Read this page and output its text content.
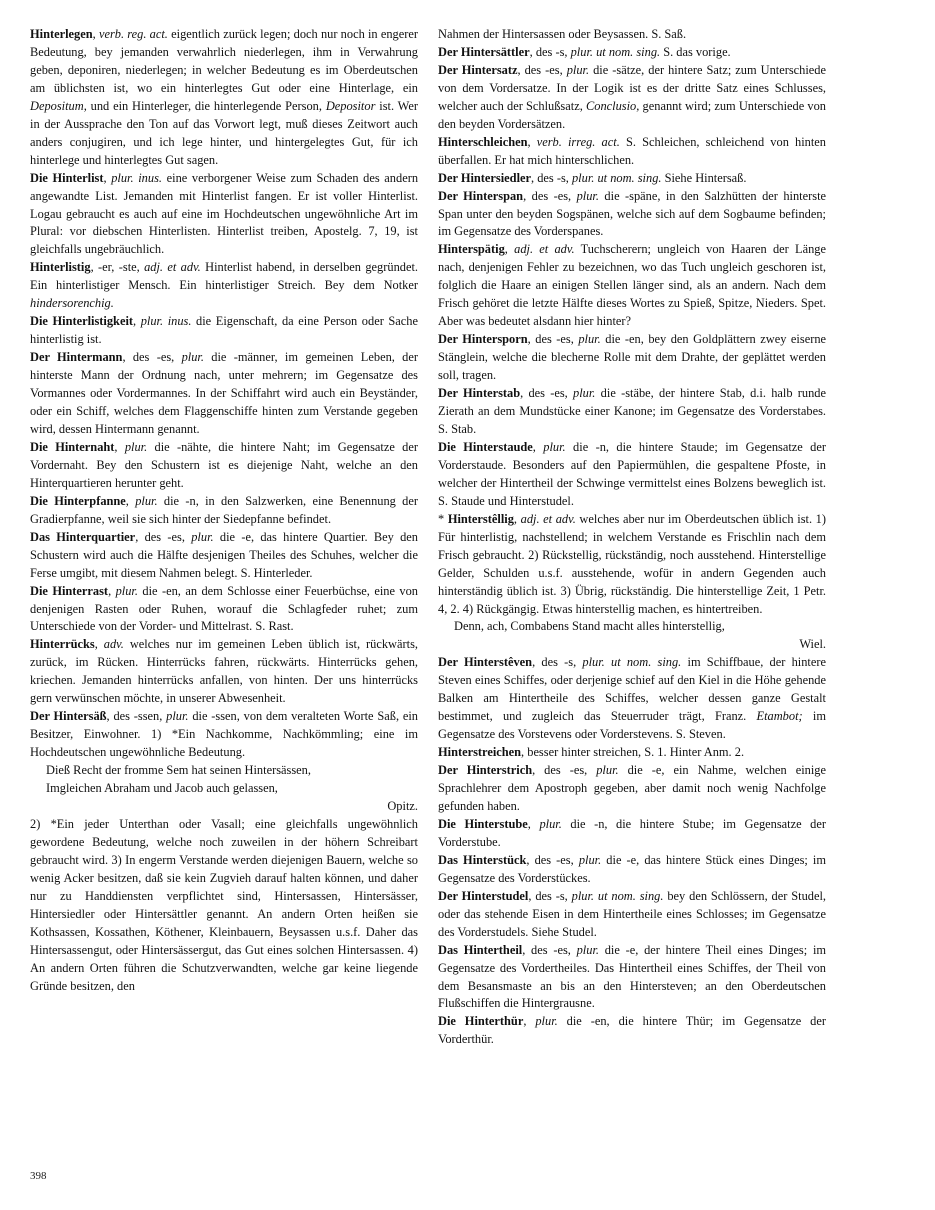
Hinterlegen, verb. reg. act. eigentlich zurück legen; doch nur noch in engerer Bedeutung, bey jemanden verwahrlich niederlegen, ihm in Verwahrung geben, deponiren, niederlegen; in welcher Bedeutung es im Oberdeutschen am üblichsten ist, wo ein hinterlegtes Gut oder eine Hinterlage, ein Depositum, und ein Hinterleger, die hinterlegende Person, Depositor ist. Wer in der Aussprache den Ton auf das Vorwort legt, muß dieses Zeitwort auch anders conjugiren, und ich lege hinter, und hintergelegtes Gut, für ich hinterlege und hinterlegtes Gut sagen.

Die Hinterlist, plur. inus. eine verborgener Weise zum Schaden des andern angewandte List. Jemanden mit Hinterlist fangen. Er ist voller Hinterlist. Logau gebraucht es auch auf eine im Hochdeutschen ungewöhnliche Art im Plural: vor diebschen Hinterlisten. Hinterlist treiben, Apostelg. 7, 19, ist gleichfalls ungebräuchlich.

Hinterlistig, -er, -ste, adj. et adv. Hinterlist habend, in derselben gegründet. Ein hinterlistiger Mensch. Ein hinterlistiger Streich. Bey dem Notker hindersorenchig.

Die Hinterlistigkeit, plur. inus. die Eigenschaft, da eine Person oder Sache hinterlistig ist.

Der Hintermann, des -es, plur. die -männer, im gemeinen Leben, der hinterste Mann der Ordnung nach, unter mehrern; im Gegensatze des Vormannes oder Vordermannes. In der Schiffahrt wird auch ein Beyständer, oder ein Schiff, welches dem Flaggenschiffe hinten zum Verstande gegeben wird, dessen Hintermann genannt.

Die Hinternaht, plur. die -nähte, die hintere Naht; im Gegensatze der Vordernaht. Bey den Schustern ist es diejenige Naht, welche an den Hinterquartieren herunter geht.

Die Hinterpfanne, plur. die -n, in den Salzwerken, eine Benennung der Gradierpfanne, weil sie sich hinter der Siedepfanne befindet.

Das Hinterquartier, des -es, plur. die -e, das hintere Quartier. Bey den Schustern wird auch die Hälfte desjenigen Theiles des Schuhes, welcher die Ferse umgibt, mit diesem Nahmen belegt. S. Hinterleder.

Die Hinterrast, plur. die -en, an dem Schlosse einer Feuerbüchse, eine von denjenigen Rasten oder Ruhen, worauf die Schlagfeder ruhet; zum Unterschiede von der Vorder- und Mittelrast. S. Rast.

Hinterrücks, adv. welches nur im gemeinen Leben üblich ist, rückwärts, zurück, im Rücken. Hinterrücks fahren, rückwärts. Hinterrücks gehen, kriechen. Jemanden hinterrücks anfallen, von hinten. Der uns hinterrücks gern verwünschen möchte, in unserer Abwesenheit.

Der Hintersäß, des -ssen, plur. die -ssen, von dem veralteten Worte Saß, ein Besitzer, Einwohner. 1) *Ein Nachkomme, Nachkömmling; eine im Hochdeutschen ungewöhnliche Bedeutung.

Dieß Recht der fromme Sem hat seinen Hintersässen,

Imgleichen Abraham und Jacob auch gelassen,

Opitz.

2) *Ein jeder Unterthan oder Vasall; eine gleichfalls ungewöhnlich gewordene Bedeutung, welche noch zuweilen in der höhern Schreibart gebraucht wird. 3) In engerm Verstande werden diejenigen Bauern, welche so wenig Acker besitzen, daß sie kein Zugvieh darauf halten können, und daher nur zu Handdiensten verpflichtet sind, Hintersassen, Hintersässer, Hintersiedler oder Hintersättler genannt. An andern Orten heißen sie Kothsassen, Kossathen, Köthener, Kleinbauern, Beysassen u.s.f. Daher das Hintersassengut, oder Hintersässergut, das Gut eines solchen Hintersassen. 4) An andern Orten führen die Schutzverwandten, welche gar keine liegende Gründe besitzen, den

Nahmen der Hintersassen oder Beysassen. S. Saß.

Der Hintersättler, des -s, plur. ut nom. sing. S. das vorige.

Der Hintersatz, des -es, plur. die -sätze, der hintere Satz; zum Unterschiede von dem Vordersatze. In der Logik ist es der dritte Satz eines Schlusses, welcher auch der Schlußsatz, Conclusio, genannt wird; zum Unterschiede von den beyden Vordersätzen.

Hinterschleichen, verb. irreg. act. S. Schleichen, schleichend von hinten überfallen. Er hat mich hinterschlichen.

Der Hintersiedler, des -s, plur. ut nom. sing. Siehe Hintersaß.

Der Hinterspan, des -es, plur. die -späne, in den Salzhütten der hinterste Span unter den beyden Sogspänen, welche sich auf dem Sogbaume befinden; im Gegensatze des Vorderspanes.

Hinterspätig, adj. et adv. Tuchscherern; ungleich von Haaren der Länge nach, denjenigen Fehler zu bezeichnen, wo das Tuch ungleich geschoren ist, folglich die Haare an einigen Stellen länger sind, als an andern. Nach dem Frisch gehöret die letzte Hälfte dieses Wortes zu Spieß, Spitze, Nieders. Spet. Aber was bedeutet alsdann hier hinter?

Der Hintersporn, des -es, plur. die -en, bey den Goldplättern zwey eiserne Stänglein, welche die blecherne Rolle mit dem Drahte, der geplättet werden soll, tragen.

Der Hinterstab, des -es, plur. die -stäbe, der hintere Stab, d.i. halb runde Zierath an dem Mundstücke einer Kanone; im Gegensatze des Vorderstabes. S. Stab.

Die Hinterstaude, plur. die -n, die hintere Staude; im Gegensatze der Vorderstaude. Besonders auf den Papiermühlen, die gespaltene Pfoste, in welcher der Hintertheil der Schwinge vermittelst eines Bolzens beweglich ist. S. Staude und Hinterstudel.

* Hinterstêllig, adj. et adv. welches aber nur im Oberdeutschen üblich ist. 1) Für hinterlistig, nachstellend; in welchem Verstande es Frischlin nach dem Frisch gebraucht. 2) Rückstellig, rückständig, noch ausstehend. Hinterstellige Gelder, Schulden u.s.f. ausstehende, wofür in andern Gegenden auch hinterständig üblich ist. 3) Übrig, rückständig. Die hinterstellige Zeit, 1 Petr. 4, 2. 4) Rückgängig. Etwas hinterstellig machen, es hintertreiben.

Denn, ach, Combabens Stand macht alles hinterstellig,

Wiel.

Der Hinterstêven, des -s, plur. ut nom. sing. im Schiffbaue, der hintere Steven eines Schiffes, oder derjenige schief auf den Kiel in die Höhe gehende Balken am Hintertheile des Schiffes, welcher dessen ganze Gestalt bestimmet, und zugleich das Steuerruder trägt, Franz. Etambot; im Gegensatze des Vorstevens oder Vorderstevens. S. Steven.

Hinterstreichen, besser hinter streichen, S. 1. Hinter Anm. 2.

Der Hinterstrich, des -es, plur. die -e, ein Nahme, welchen einige Sprachlehrer dem Apostroph gegeben, aber damit noch wenig Nachfolge gefunden haben.

Die Hinterstube, plur. die -n, die hintere Stube; im Gegensatze der Vorderstube.

Das Hinterstück, des -es, plur. die -e, das hintere Stück eines Dinges; im Gegensatze des Vorderstückes.

Der Hinterstudel, des -s, plur. ut nom. sing. bey den Schlössern, der Studel, oder das stehende Eisen in dem Hintertheile eines Schlosses; im Gegensatze des Vorderstudels. Siehe Studel.

Das Hintertheil, des -es, plur. die -e, der hintere Theil eines Dinges; im Gegensatze des Vordertheiles. Das Hintertheil eines Schiffes, der Theil von dem Besansmaste an bis an den Hintersteven; an den Oberdeutschen Flußschiffen die Hintergrausne.

Die Hinterthür, plur. die -en, die hintere Thür; im Gegensatze der Vorderthür.

398
